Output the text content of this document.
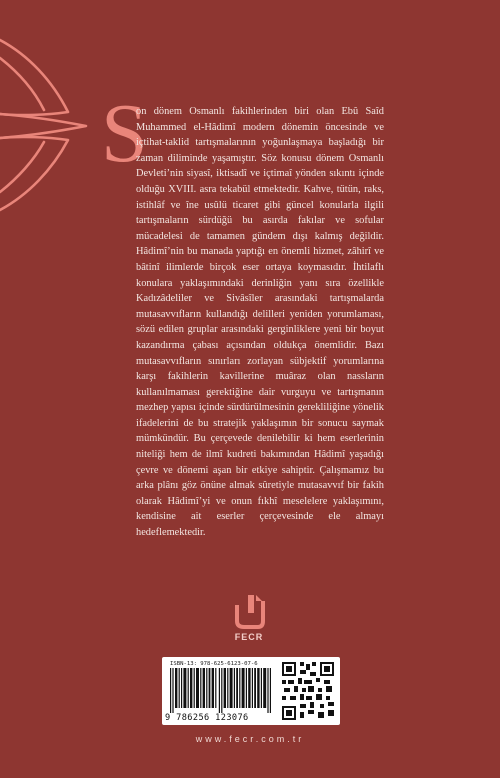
S

on dönem Osmanlı fakihlerinden biri olan Ebû Saîd Muhammed el-Hâdimî modern dönemin öncesinde ve içtihat-taklid tartışmalarının yoğunlaşmaya başladığı bir zaman diliminde yaşamıştır. Söz konusu dönem Osmanlı Devleti’nin siyasî, iktisadî ve içtimaî yönden sıkıntı içinde olduğu XVIII. asra tekabül etmektedir. Kahve, tütün, raks, istihlâf ve îne usûlü ticaret gibi güncel konularla ilgili tartışmaların sürdüğü bu asırda fakılar ve sofular mücadelesi de tamamen gündem dışı kalmış değildir. Hâdimî’nin bu manada yaptığı en önemli hizmet, zâhirî ve bâtinî ilimlerde birçok eser ortaya koymasıdır. İhtilaflı konulara yaklaşımındaki derinliğin yanı sıra özellikle Kadızâdeliler ve Sivâsîler arasındaki tartışmalarda mutasavvıfların kullandığı delilleri yeniden yorumlaması, sözü edilen gruplar arasındaki gerginliklere yeni bir boyut kazandırma çabası açısından oldukça önemlidir. Bazı mutasavvıfların sınırları zorlayan sübjektif yorumlarına karşı fakihlerin kavillerine muâraz olan nassların kullanılmaması gerektiğine dair vurguyu ve tartışmanın mezhep yapısı içinde sürdürülmesinin gerekliliğine yönelik ifadelerini de bu stratejik yaklaşımın bir sonucu saymak mümkündür. Bu çerçevede denilebilir ki hem eserlerinin niteliği hem de ilmî kudreti bakımından Hâdimî yaşadığı çevre ve dönemi aşan bir etkiye sahiptir. Çalışmamız bu arka plânı göz önüne almak sûretiyle mutasavvıf bir fakih olarak Hâdimî’yi ve onun fıkhî meselelere yaklaşımını, kendisine ait eserler çerçevesinde ele almayı hedeflemektedir.

FECR
ISBN-13: 978-625-6123-07-6
9 786256 123076
www.fecr.com.tr
